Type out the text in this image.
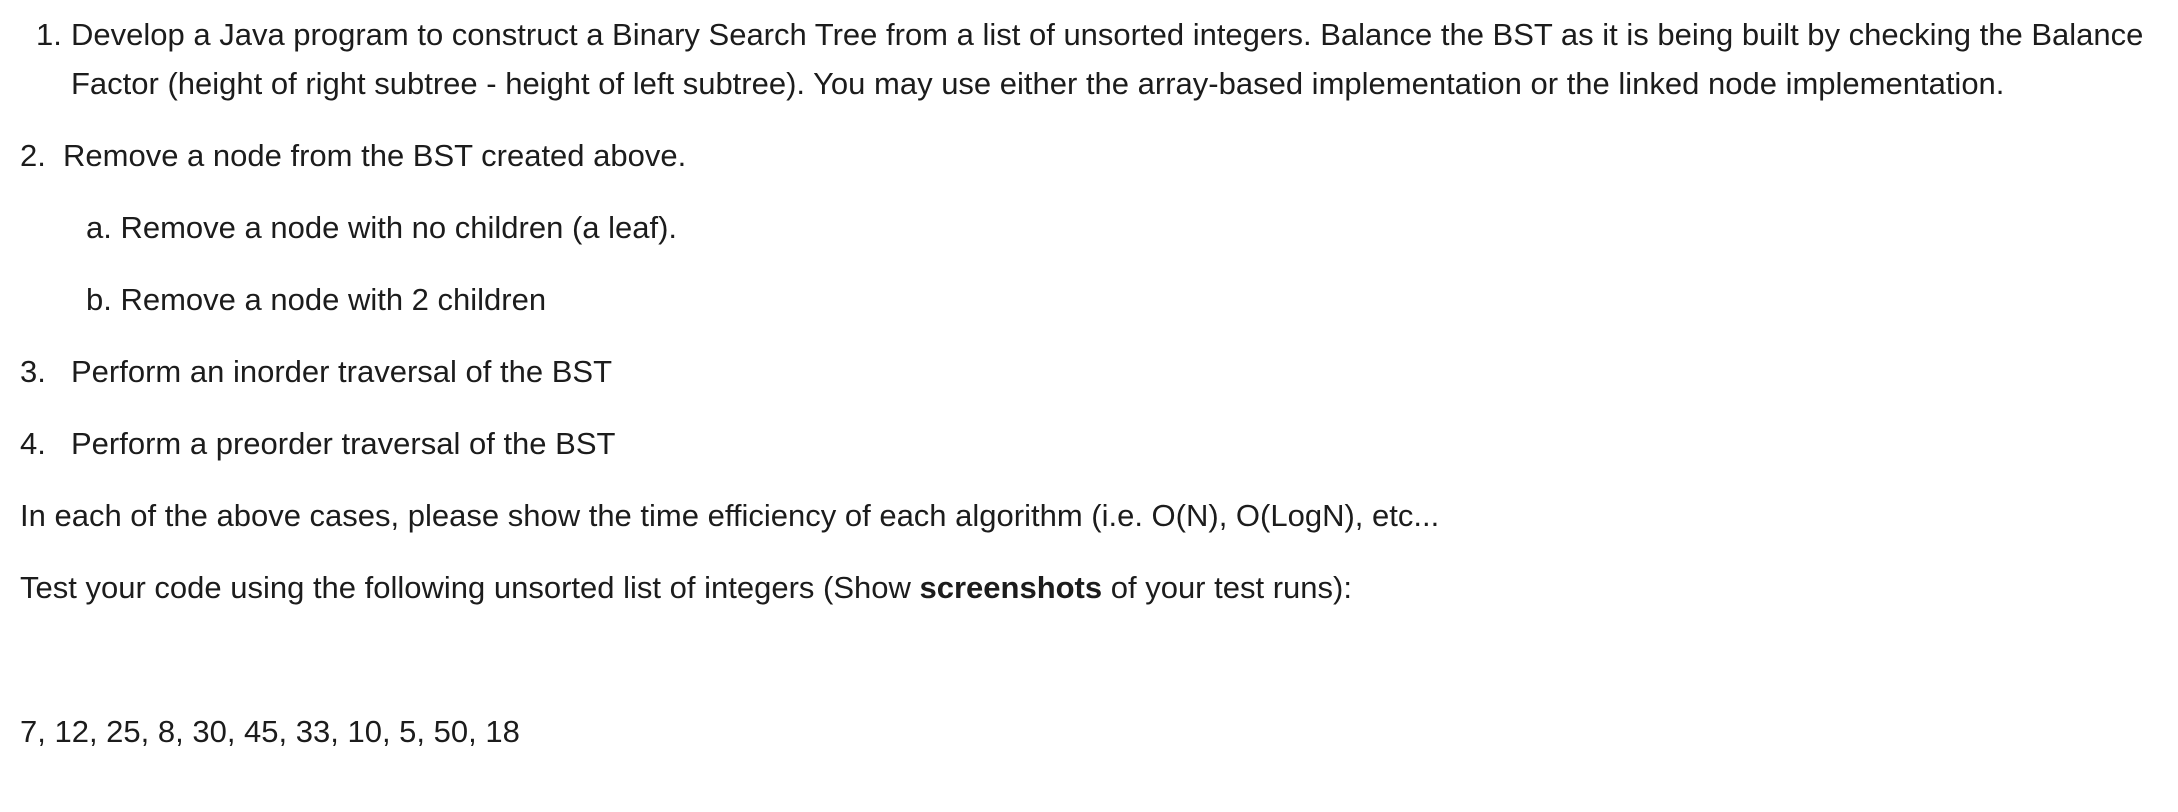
1. Develop a Java program to construct a Binary Search Tree from a list of unsorted integers. Balance the BST as it is being built by checking the Balance
Factor (height of right subtree - height of left subtree). You may use either the array-based implementation or the linked node implementation.
2. Remove a node from the BST created above.
a. Remove a node with no children (a leaf).
b. Remove a node with 2 children
3. Perform an inorder traversal of the BST
4. Perform a preorder traversal of the BST
In each of the above cases, please show the time efficiency of each algorithm (i.e. O(N), O(LogN), etc...
Test your code using the following unsorted list of integers (Show screenshots of your test runs):
7, 12, 25, 8, 30, 45, 33, 10, 5, 50, 18
